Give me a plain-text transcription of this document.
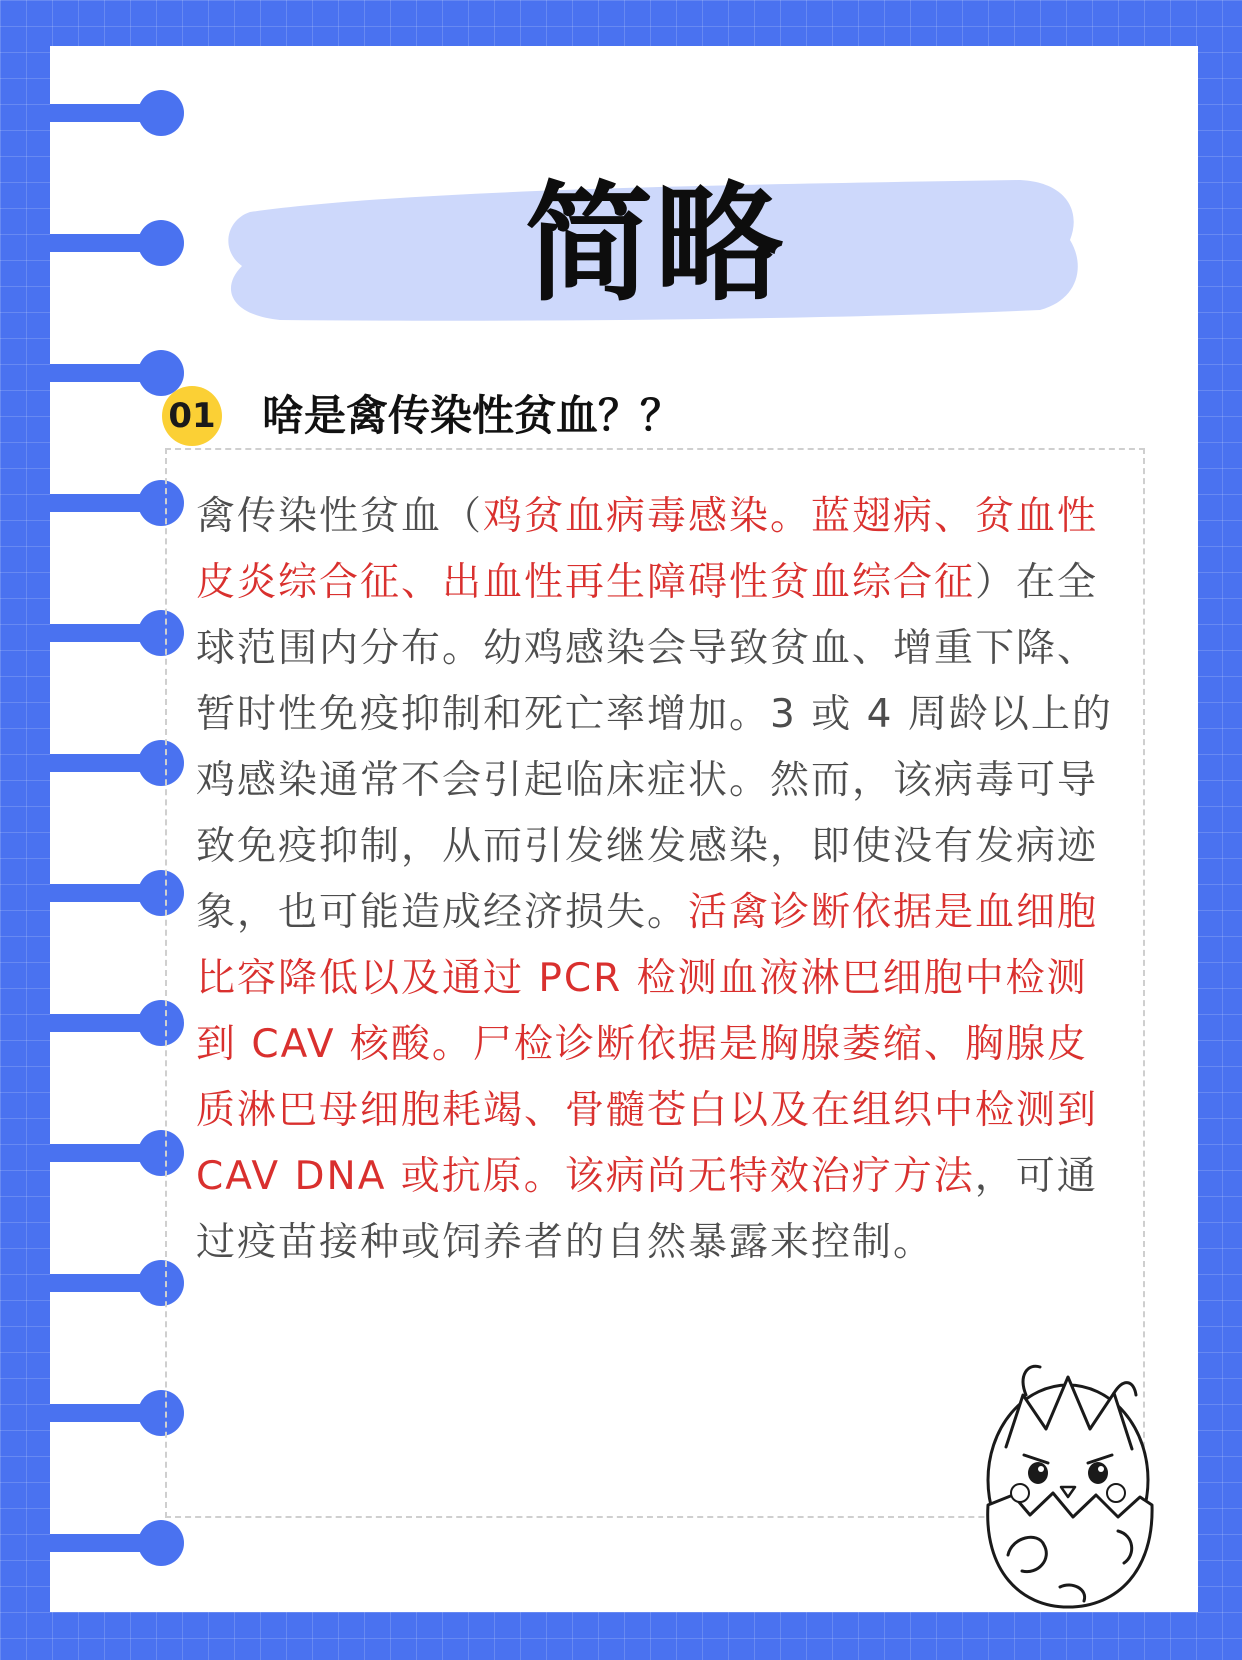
简略
01 啥是禽传染性贫血？？

禽传染性贫血（鸡贫血病毒感染。蓝翅病、贫血性皮炎综合征、出血性再生障碍性贫血综合征）在全球范围内分布。幼鸡感染会导致贫血、增重下降、暂时性免疫抑制和死亡率增加。3 或 4 周龄以上的鸡感染通常不会引起临床症状。然而，该病毒可导致免疫抑制，从而引发继发感染，即使没有发病迹象，也可能造成经济损失。活禽诊断依据是血细胞比容降低以及通过 PCR 检测血液淋巴细胞中检测到 CAV 核酸。尸检诊断依据是胸腺萎缩、胸腺皮质淋巴母细胞耗竭、骨髓苍白以及在组织中检测到 CAV DNA 或抗原。该病尚无特效治疗方法，可通过疫苗接种或饲养者的自然暴露来控制。
